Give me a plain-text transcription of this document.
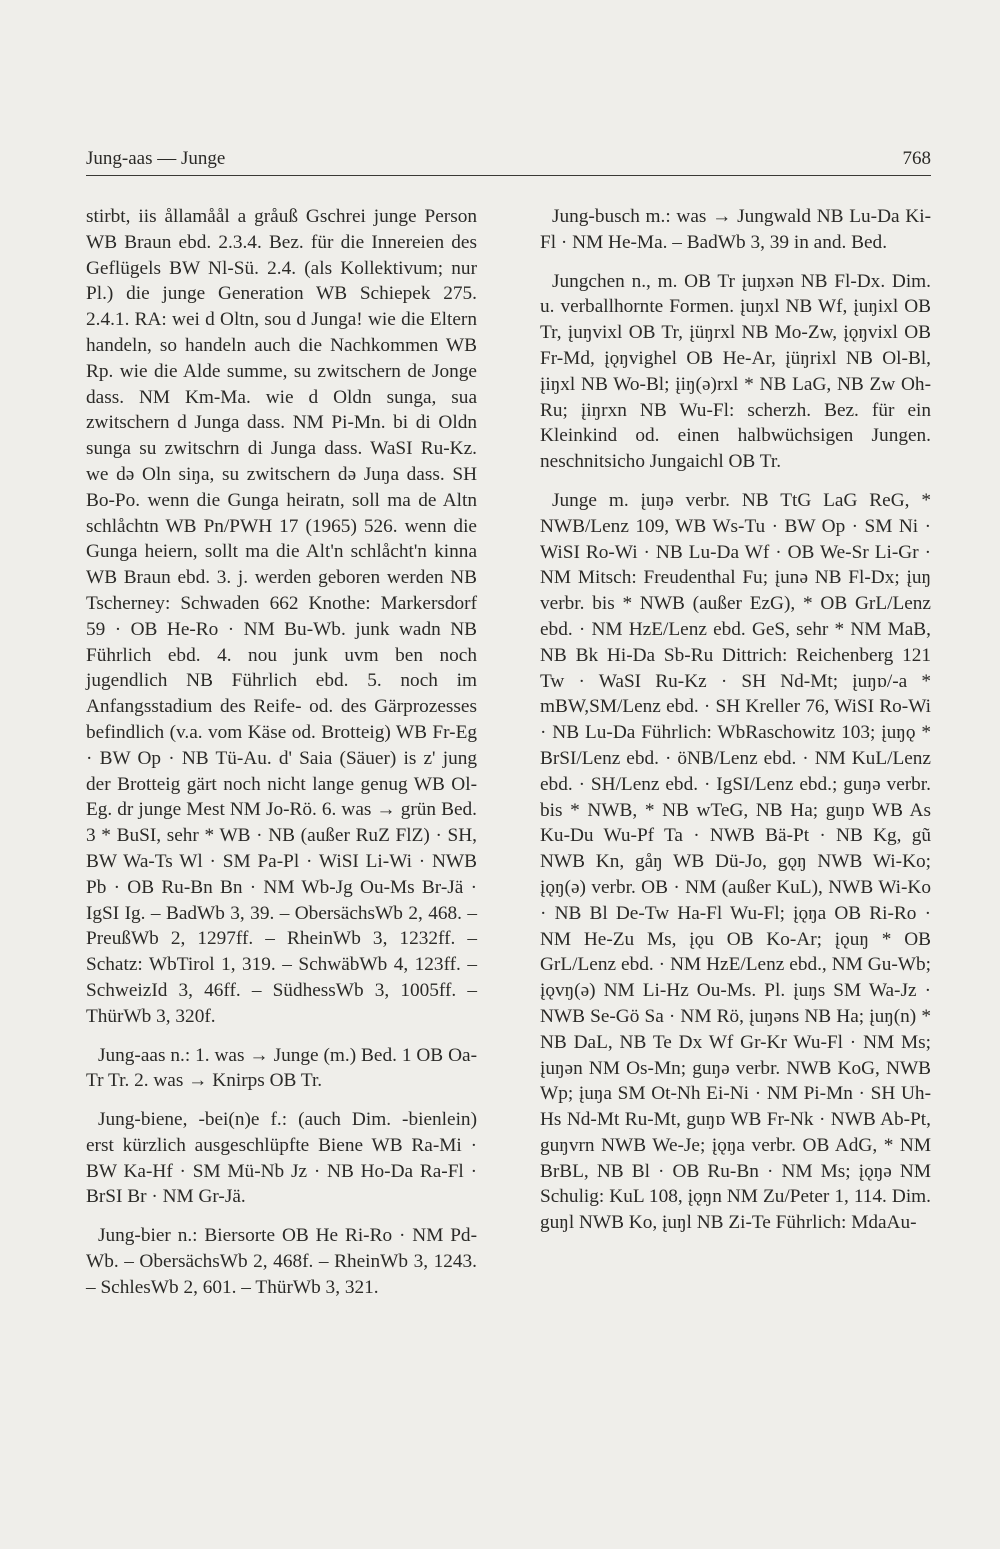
Jung-aas — Junge	768

stirbt, iis ållamåål a gråuß Gschrei junge Person WB Braun ebd. 2.3.4. Bez. für die Innereien des Geflügels BW Nl-Sü. 2.4. (als Kollektivum; nur Pl.) die junge Generation WB Schiepek 275. 2.4.1. RA: wei d Oltn, sou d Junga! wie die Eltern handeln, so handeln auch die Nachkommen WB Rp. wie die Alde summe, su zwitschern de Jonge dass. NM Km-Ma. wie d Oldn sunga, sua zwitschern d Junga dass. NM Pi-Mn. bi di Oldn sunga su zwitschrn di Junga dass. WaSI Ru-Kz. we də Oln siŋa, su zwitschern də Juŋa dass. SH Bo-Po. wenn die Gunga heiratn, soll ma de Altn schlåchtn WB Pn/PWH 17 (1965) 526. wenn die Gunga heiern, sollt ma die Alt'n schlåcht'n kinna WB Braun ebd. 3. j. werden geboren werden NB Tscherney: Schwaden 662 Knothe: Markersdorf 59 · OB He-Ro · NM Bu-Wb. junk wadn NB Führlich ebd. 4. nou junk uvm ben noch jugendlich NB Führlich ebd. 5. noch im Anfangsstadium des Reife- od. des Gärprozesses befindlich (v.a. vom Käse od. Brotteig) WB Fr-Eg · BW Op · NB Tü-Au. d' Saia (Säuer) is z' jung der Brotteig gärt noch nicht lange genug WB Ol-Eg. dr junge Mest NM Jo-Rö. 6. was → grün Bed. 3 * BuSI, sehr * WB · NB (außer RuZ FlZ) · SH, BW Wa-Ts Wl · SM Pa-Pl · WiSI Li-Wi · NWB Pb · OB Ru-Bn Bn · NM Wb-Jg Ou-Ms Br-Jä · IgSI Ig. – BadWb 3, 39. – ObersächsWb 2, 468. – PreußWb 2, 1297ff. – RheinWb 3, 1232ff. – Schatz: WbTirol 1, 319. – SchwäbWb 4, 123ff. – SchweizId 3, 46ff. – SüdhessWb 3, 1005ff. – ThürWb 3, 320f.

Jung-aas n.: 1. was → Junge (m.) Bed. 1 OB Oa-Tr Tr. 2. was → Knirps OB Tr.

Jung-biene, -bei(n)e f.: (auch Dim. -bienlein) erst kürzlich ausgeschlüpfte Biene WB Ra-Mi · BW Ka-Hf · SM Mü-Nb Jz · NB Ho-Da Ra-Fl · BrSI Br · NM Gr-Jä.

Jung-bier n.: Biersorte OB He Ri-Ro · NM Pd-Wb. – ObersächsWb 2, 468f. – RheinWb 3, 1243. – SchlesWb 2, 601. – ThürWb 3, 321.

Jung-busch m.: was → Jungwald NB Lu-Da Ki-Fl · NM He-Ma. – BadWb 3, 39 in and. Bed.

Jungchen n., m. OB Tr įuŋxən NB Fl-Dx. Dim. u. verballhornte Formen. įuŋxl NB Wf, įuŋixl OB Tr, įuŋvixl OB Tr, įüŋrxl NB Mo-Zw, įǫŋvixl OB Fr-Md, įǫŋvighel OB He-Ar, įüŋrixl NB Ol-Bl, įiŋxl NB Wo-Bl; įiŋ(ə)rxl * NB LaG, NB Zw Oh-Ru; įiŋrxn NB Wu-Fl: scherzh. Bez. für ein Kleinkind od. einen halbwüchsigen Jungen. neschnitsicho Jungaichl OB Tr.

Junge m. įuŋə verbr. NB TtG LaG ReG, * NWB/Lenz 109, WB Ws-Tu · BW Op · SM Ni · WiSI Ro-Wi · NB Lu-Da Wf · OB We-Sr Li-Gr · NM Mitsch: Freudenthal Fu; įunə NB Fl-Dx; įuŋ verbr. bis * NWB (außer EzG), * OB GrL/Lenz ebd. · NM HzE/Lenz ebd. GeS, sehr * NM MaB, NB Bk Hi-Da Sb-Ru Dittrich: Reichenberg 121 Tw · WaSI Ru-Kz · SH Nd-Mt; įuŋɒ/-a * mBW,SM/Lenz ebd. · SH Kreller 76, WiSI Ro-Wi · NB Lu-Da Führlich: WbRaschowitz 103; įuŋǫ * BrSI/Lenz ebd. · öNB/Lenz ebd. · NM KuL/Lenz ebd. · SH/Lenz ebd. · IgSI/Lenz ebd.; guŋə verbr. bis * NWB, * NB wTeG, NB Ha; guŋɒ WB As Ku-Du Wu-Pf Ta · NWB Bä-Pt · NB Kg, gũ NWB Kn, gåŋ WB Dü-Jo, gǫŋ NWB Wi-Ko; įǫŋ(ə) verbr. OB · NM (außer KuL), NWB Wi-Ko · NB Bl De-Tw Ha-Fl Wu-Fl; įǫŋa OB Ri-Ro · NM He-Zu Ms, įǫu OB Ko-Ar; įǫuŋ * OB GrL/Lenz ebd. · NM HzE/Lenz ebd., NM Gu-Wb; įǫvŋ(ə) NM Li-Hz Ou-Ms. Pl. įuŋs SM Wa-Jz · NWB Se-Gö Sa · NM Rö, įuŋəns NB Ha; įuŋ(n) * NB DaL, NB Te Dx Wf Gr-Kr Wu-Fl · NM Ms; įuŋən NM Os-Mn; guŋə verbr. NWB KoG, NWB Wp; įuŋa SM Ot-Nh Ei-Ni · NM Pi-Mn · SH Uh-Hs Nd-Mt Ru-Mt, guŋɒ WB Fr-Nk · NWB Ab-Pt, guŋvrn NWB We-Je; įǫŋa verbr. OB AdG, * NM BrBL, NB Bl · OB Ru-Bn · NM Ms; įǫŋə NM Schulig: KuL 108, įǫŋn NM Zu/Peter 1, 114. Dim. guŋl NWB Ko, įuŋl NB Zi-Te Führlich: MdaAu-
